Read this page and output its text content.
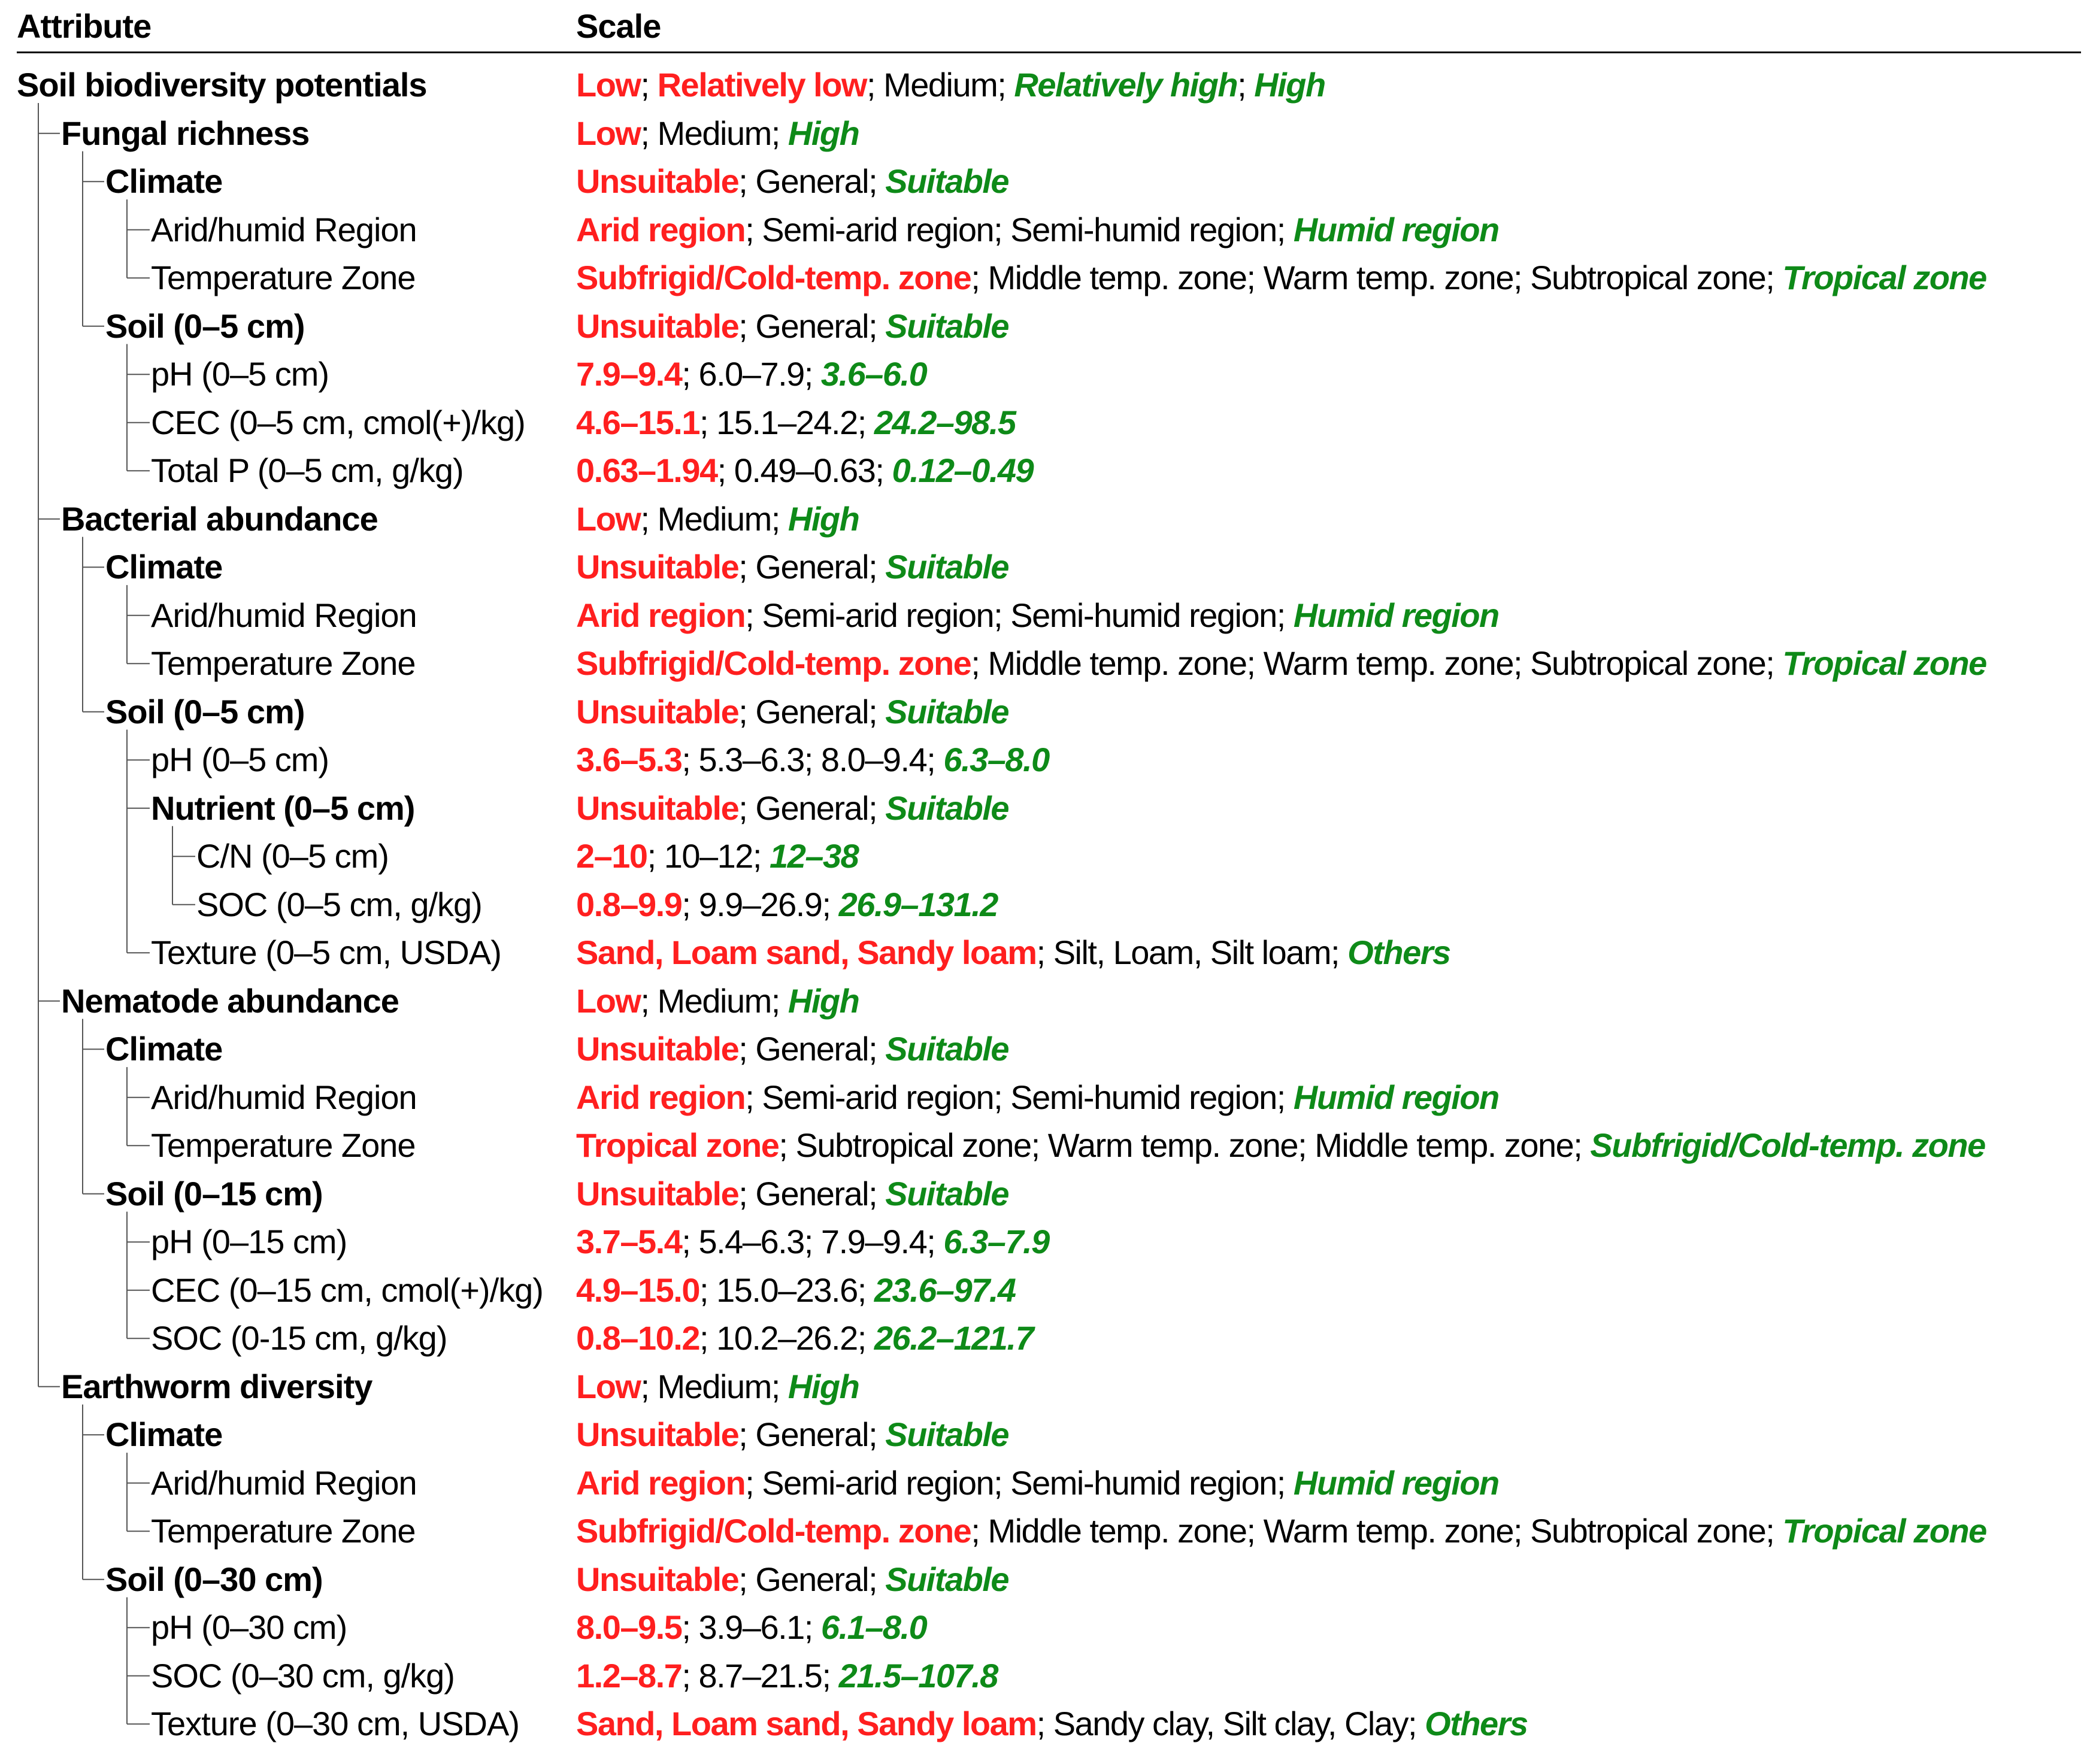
Attribute	Scale
Soil biodiversity potentials	Low; Relatively low; Medium; Relatively high; High
Fungal richness	Low; Medium; High
Climate	Unsuitable; General; Suitable
Arid/humid Region	Arid region; Semi-arid region; Semi-humid region; Humid region
Temperature Zone	Subfrigid/Cold-temp. zone; Middle temp. zone; Warm temp. zone; Subtropical zone; Tropical zone
Soil (0–5 cm)	Unsuitable; General; Suitable
pH (0–5 cm)	7.9–9.4; 6.0–7.9; 3.6–6.0
CEC (0–5 cm, cmol(+)/kg) 4.6–15.1; 15.1–24.2; 24.2–98.5
Total P (0–5 cm, g/kg)	0.63–1.94; 0.49–0.63; 0.12–0.49
Bacterial abundance	Low; Medium; High
Climate	Unsuitable; General; Suitable
Arid/humid Region	Arid region; Semi-arid region; Semi-humid region; Humid region
Temperature Zone	Subfrigid/Cold-temp. zone; Middle temp. zone; Warm temp. zone; Subtropical zone; Tropical zone
Soil (0–5 cm)	Unsuitable; General; Suitable
pH (0–5 cm)	3.6–5.3; 5.3–6.3; 8.0–9.4; 6.3–8.0
Nutrient (0–5 cm)	Unsuitable; General; Suitable
C/N (0–5 cm)	2–10; 10–12; 12–38
SOC (0–5 cm, g/kg)	0.8–9.9; 9.9–26.9; 26.9–131.2
Texture (0–5 cm, USDA) Sand, Loam sand, Sandy loam; Silt, Loam, Silt loam; Others
Nematode abundance	Low; Medium; High
Climate	Unsuitable; General; Suitable
Arid/humid Region	Arid region; Semi-arid region; Semi-humid region; Humid region
Temperature Zone	Tropical zone; Subtropical zone; Warm temp. zone; Middle temp. zone; Subfrigid/Cold-temp. zone
Soil (0–15 cm)	Unsuitable; General; Suitable
pH (0–15 cm)	3.7–5.4; 5.4–6.3; 7.9–9.4; 6.3–7.9
CEC (0–15 cm, cmol(+)/kg) 4.9–15.0; 15.0–23.6; 23.6–97.4
SOC (0-15 cm, g/kg)	0.8–10.2; 10.2–26.2; 26.2–121.7
Earthworm diversity	Low; Medium; High
Climate	Unsuitable; General; Suitable
Arid/humid Region	Arid region; Semi-arid region; Semi-humid region; Humid region
Temperature Zone	Subfrigid/Cold-temp. zone; Middle temp. zone; Warm temp. zone; Subtropical zone; Tropical zone
Soil (0–30 cm)	Unsuitable; General; Suitable
pH (0–30 cm)	8.0–9.5; 3.9–6.1; 6.1–8.0
SOC (0–30 cm, g/kg)	1.2–8.7; 8.7–21.5; 21.5–107.8
Texture (0–30 cm, USDA) Sand, Loam sand, Sandy loam; Sandy clay, Silt clay, Clay; Others
